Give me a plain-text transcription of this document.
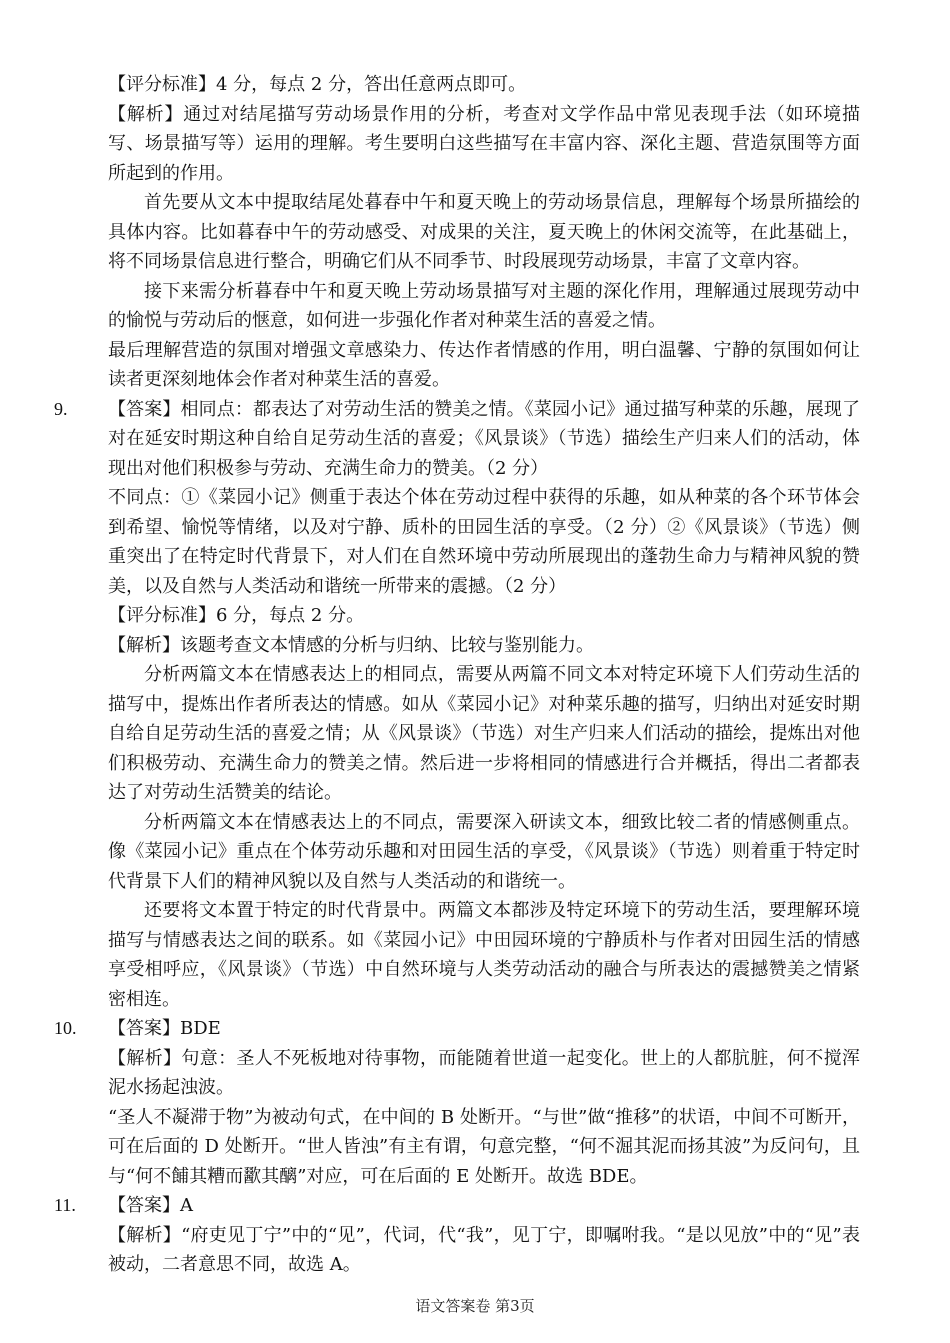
【评分标准】4 分，每点 2 分，答出任意两点即可。

【解析】通过对结尾描写劳动场景作用的分析，考查对文学作品中常见表现手法（如环境描写、场景描写等）运用的理解。考生要明白这些描写在丰富内容、深化主题、营造氛围等方面所起到的作用。

首先要从文本中提取结尾处暮春中午和夏天晚上的劳动场景信息，理解每个场景所描绘的具体内容。比如暮春中午的劳动感受、对成果的关注，夏天晚上的休闲交流等，在此基础上，将不同场景信息进行整合，明确它们从不同季节、时段展现劳动场景，丰富了文章内容。

接下来需分析暮春中午和夏天晚上劳动场景描写对主题的深化作用，理解通过展现劳动中的愉悦与劳动后的惬意，如何进一步强化作者对种菜生活的喜爱之情。

最后理解营造的氛围对增强文章感染力、传达作者情感的作用，明白温馨、宁静的氛围如何让读者更深刻地体会作者对种菜生活的喜爱。

9. 【答案】相同点：都表达了对劳动生活的赞美之情。《菜园小记》通过描写种菜的乐趣，展现了对在延安时期这种自给自足劳动生活的喜爱；《风景谈》（节选）描绘生产归来人们的活动，体现出对他们积极参与劳动、充满生命力的赞美。（2 分）

不同点：①《菜园小记》侧重于表达个体在劳动过程中获得的乐趣，如从种菜的各个环节体会到希望、愉悦等情绪，以及对宁静、质朴的田园生活的享受。（2 分）②《风景谈》（节选）侧重突出了在特定时代背景下，对人们在自然环境中劳动所展现出的蓬勃生命力与精神风貌的赞美，以及自然与人类活动和谐统一所带来的震撼。（2 分）

【评分标准】6 分，每点 2 分。

【解析】该题考查文本情感的分析与归纳、比较与鉴别能力。

分析两篇文本在情感表达上的相同点，需要从两篇不同文本对特定环境下人们劳动生活的描写中，提炼出作者所表达的情感。如从《菜园小记》对种菜乐趣的描写，归纳出对延安时期自给自足劳动生活的喜爱之情；从《风景谈》（节选）对生产归来人们活动的描绘，提炼出对他们积极劳动、充满生命力的赞美之情。然后进一步将相同的情感进行合并概括，得出二者都表达了对劳动生活赞美的结论。

分析两篇文本在情感表达上的不同点，需要深入研读文本，细致比较二者的情感侧重点。像《菜园小记》重点在个体劳动乐趣和对田园生活的享受，《风景谈》（节选）则着重于特定时代背景下人们的精神风貌以及自然与人类活动的和谐统一。

还要将文本置于特定的时代背景中。两篇文本都涉及特定环境下的劳动生活，要理解环境描写与情感表达之间的联系。如《菜园小记》中田园环境的宁静质朴与作者对田园生活的情感享受相呼应，《风景谈》（节选）中自然环境与人类劳动活动的融合与所表达的震撼赞美之情紧密相连。

10. 【答案】BDE

【解析】句意：圣人不死板地对待事物，而能随着世道一起变化。世上的人都肮脏，何不搅浑泥水扬起浊波。

“圣人不凝滞于物”为被动句式，在中间的 B 处断开。“与世”做“推移”的状语，中间不可断开，可在后面的 D 处断开。“世人皆浊”有主有谓，句意完整，“何不淈其泥而扬其波”为反问句，且与“何不餔其糟而歠其醨”对应，可在后面的 E 处断开。故选 BDE。

11. 【答案】A

【解析】“府吏见丁宁”中的“见”，代词，代“我”，见丁宁，即嘱咐我。“是以见放”中的“见”表被动，二者意思不同，故选 A。

语文答案卷 第3页
